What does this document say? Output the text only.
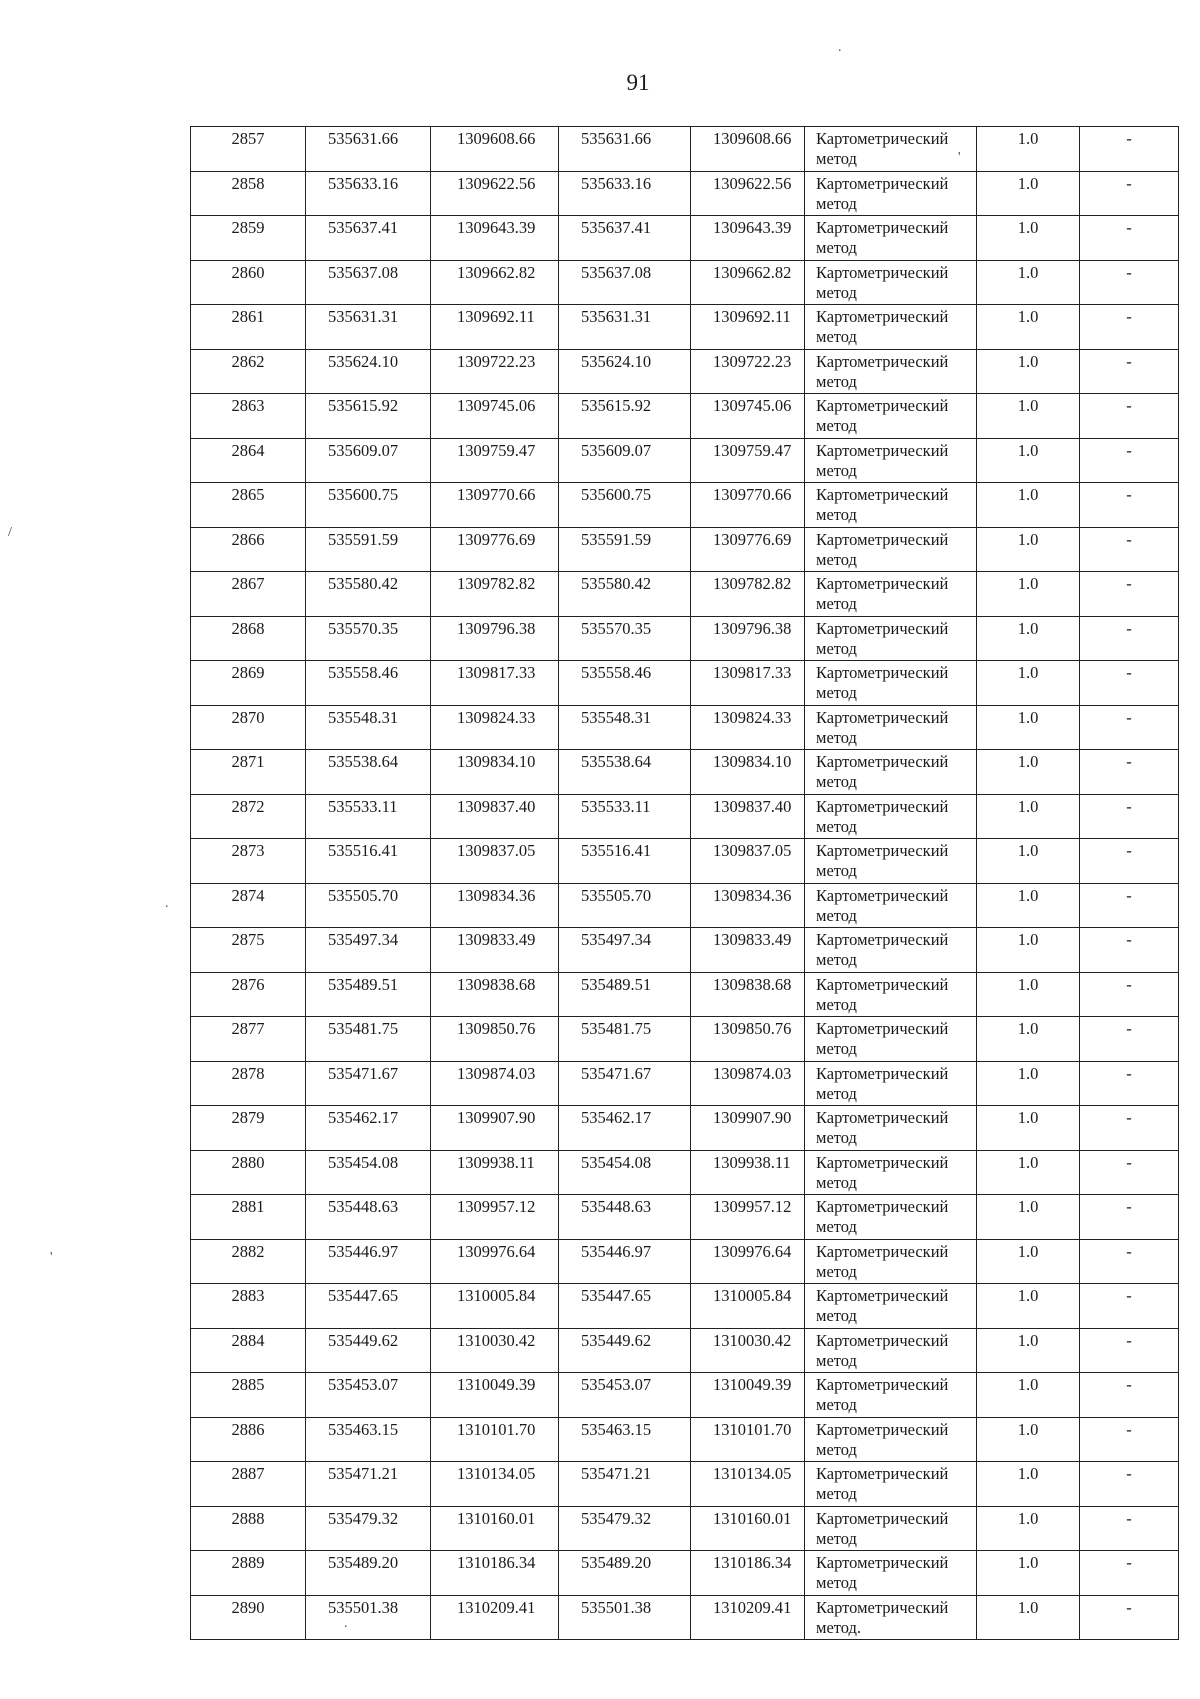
91
2857	535631.66	1309608.66	535631.66	1309608.66	Картометрический метод	1.0	-
2858	535633.16	1309622.56	535633.16	1309622.56	Картометрический метод	1.0	-
2859	535637.41	1309643.39	535637.41	1309643.39	Картометрический метод	1.0	-
2860	535637.08	1309662.82	535637.08	1309662.82	Картометрический метод	1.0	-
2861	535631.31	1309692.11	535631.31	1309692.11	Картометрический метод	1.0	-
2862	535624.10	1309722.23	535624.10	1309722.23	Картометрический метод	1.0	-
2863	535615.92	1309745.06	535615.92	1309745.06	Картометрический метод	1.0	-
2864	535609.07	1309759.47	535609.07	1309759.47	Картометрический метод	1.0	-
2865	535600.75	1309770.66	535600.75	1309770.66	Картометрический метод	1.0	-
2866	535591.59	1309776.69	535591.59	1309776.69	Картометрический метод	1.0	-
2867	535580.42	1309782.82	535580.42	1309782.82	Картометрический метод	1.0	-
2868	535570.35	1309796.38	535570.35	1309796.38	Картометрический метод	1.0	-
2869	535558.46	1309817.33	535558.46	1309817.33	Картометрический метод	1.0	-
2870	535548.31	1309824.33	535548.31	1309824.33	Картометрический метод	1.0	-
2871	535538.64	1309834.10	535538.64	1309834.10	Картометрический метод	1.0	-
2872	535533.11	1309837.40	535533.11	1309837.40	Картометрический метод	1.0	-
2873	535516.41	1309837.05	535516.41	1309837.05	Картометрический метод	1.0	-
2874	535505.70	1309834.36	535505.70	1309834.36	Картометрический метод	1.0	-
2875	535497.34	1309833.49	535497.34	1309833.49	Картометрический метод	1.0	-
2876	535489.51	1309838.68	535489.51	1309838.68	Картометрический метод	1.0	-
2877	535481.75	1309850.76	535481.75	1309850.76	Картометрический метод	1.0	-
2878	535471.67	1309874.03	535471.67	1309874.03	Картометрический метод	1.0	-
2879	535462.17	1309907.90	535462.17	1309907.90	Картометрический метод	1.0	-
2880	535454.08	1309938.11	535454.08	1309938.11	Картометрический метод	1.0	-
2881	535448.63	1309957.12	535448.63	1309957.12	Картометрический метод	1.0	-
2882	535446.97	1309976.64	535446.97	1309976.64	Картометрический метод	1.0	-
2883	535447.65	1310005.84	535447.65	1310005.84	Картометрический метод	1.0	-
2884	535449.62	1310030.42	535449.62	1310030.42	Картометрический метод	1.0	-
2885	535453.07	1310049.39	535453.07	1310049.39	Картометрический метод	1.0	-
2886	535463.15	1310101.70	535463.15	1310101.70	Картометрический метод	1.0	-
2887	535471.21	1310134.05	535471.21	1310134.05	Картометрический метод	1.0	-
2888	535479.32	1310160.01	535479.32	1310160.01	Картометрический метод	1.0	-
2889	535489.20	1310186.34	535489.20	1310186.34	Картометрический метод	1.0	-
2890	535501.38	1310209.41	535501.38	1310209.41	Картометрический метод.	1.0	-
'
.
/
.
'
.
